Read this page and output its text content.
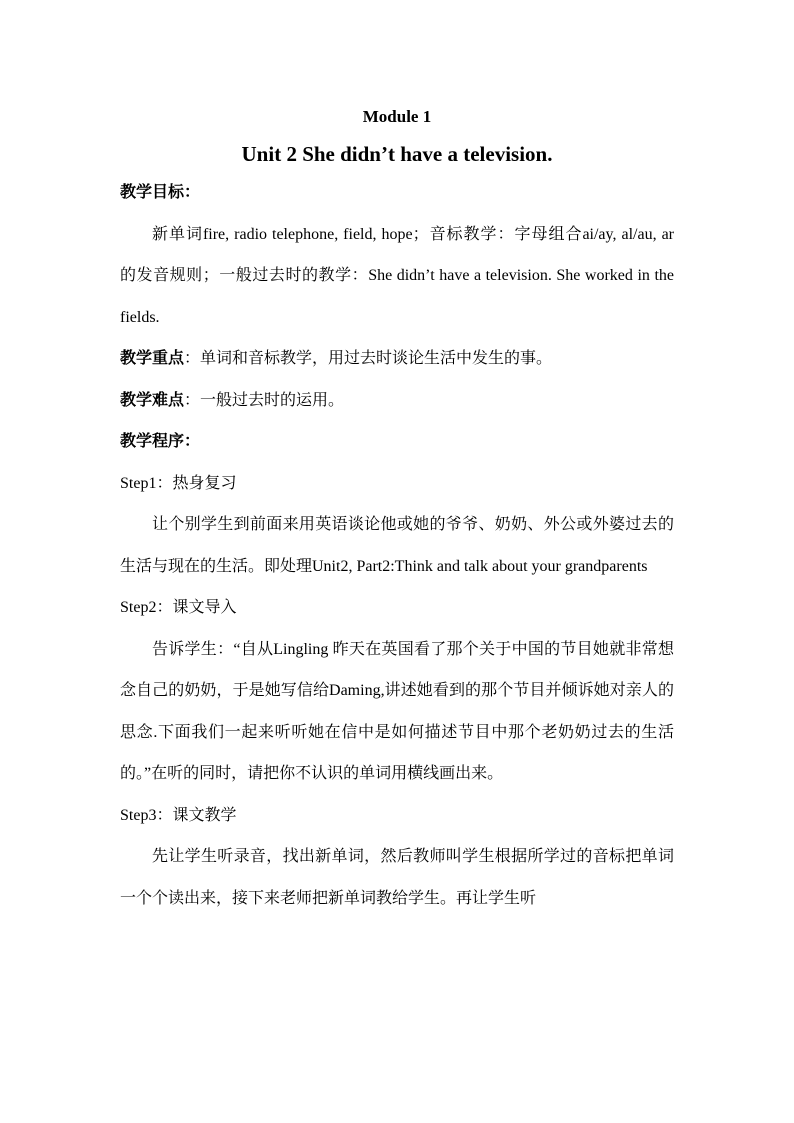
Module 1
Unit 2 She didn’t have a television.
教学目标：

新单词fire, radio telephone, field, hope；音标教学：字母组合ai/ay, al/au, ar 的发音规则；一般过去时的教学：She didn’t have a television. She worked in the fields.

教学重点：单词和音标教学，用过去时谈论生活中发生的事。
教学难点：一般过去时的运用。
教学程序：
Step1：热身复习

让个别学生到前面来用英语谈论他或她的爷爷、奶奶、外公或外婆过去的生活与现在的生活。即处理Unit2, Part2:Think and talk about your grandparents

Step2：课文导入

告诉学生：“自从Lingling 昨天在英国看了那个关于中国的节目她就非常想念自己的奶奶，于是她写信给Daming,讲述她看到的那个节目并倾诉她对亲人的思念.下面我们一起来听听她在信中是如何描述节目中那个老奶奶过去的生活的。”在听的同时，请把你不认识的单词用横线画出来。

Step3：课文教学

先让学生听录音，找出新单词，然后教师叫学生根据所学过的音标把单词一个个读出来，接下来老师把新单词教给学生。再让学生听
